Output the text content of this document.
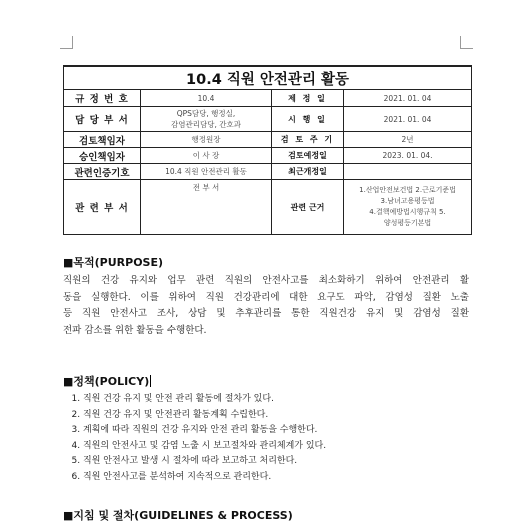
10.4 직원 안전관리 활동			
규 정 번 호	10.4	제 정 일	2021. 01. 04
담 당 부 서	QPS담당, 행정실,
감염관리담당, 간호과	시 행 일	2021. 01. 04
검토책임자	행정원장	검 토 주 기	2년
승인책임자	이 사 장	검토예정일	2023. 01. 04.
관련인증기호	10.4 직원 안전관리 활동	최근개정일	
관 련 부 서	전 부 서	관련 근거	1.산업안전보건법 2.근로기준법
3.남녀고용평등법
4.결핵예방법시행규칙 5.
양성평등기본법
■목적(PURPOSE)
직원의 건강 유지와 업무 관련 직원의 안전사고를 최소화하기 위하여 안전관리 활
동을 실행한다. 이를 위하여 직원 건강관리에 대한 요구도 파악, 감염성 질환 노출
등 직원 안전사고 조사, 상담 및 추후관리를 통한 직원건강 유지 및 감염성 질환
전파 감소를 위한 활동을 수행한다.
■정책(POLICY)
1. 직원 건강 유지 및 안전 관리 활동에 절차가 있다.
2. 직원 건강 유지 및 안전관리 활동계획 수립한다.
3. 계획에 따라 직원의 건강 유지와 안전 관리 활동을 수행한다.
4. 직원의 안전사고 및 감염 노출 시 보고절차와 관리체계가 있다.
5. 직원 안전사고 발생 시 절차에 따라 보고하고 처리한다.
6. 직원 안전사고를 분석하여 지속적으로 관리한다.
■지침 및 절차(GUIDELINES & PROCESS)
